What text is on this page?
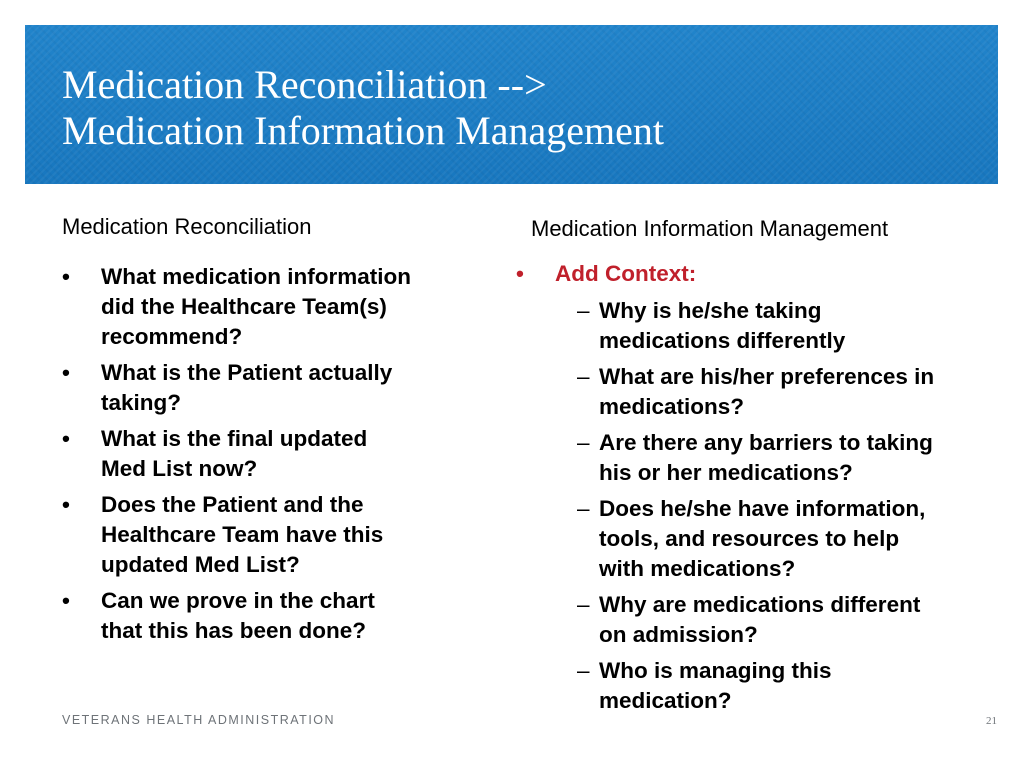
Medication Reconciliation -->
Medication Information Management
Medication Reconciliation	Medication Information Management
• What medication information
did the Healthcare Team(s)
recommend?
• What is the Patient actually
taking?
• What is the final updated
Med List now?
• Does the Patient and the
Healthcare Team have this
updated Med List?
• Can we prove in the chart
that this has been done?
• Add Context:
– Why is he/she taking
medications differently
– What are his/her preferences in
medications?
– Are there any barriers to taking
his or her medications?
– Does he/she have information,
tools, and resources to help
with medications?
– Why are medications different
on admission?
– Who is managing this
medication?

VETERANS HEALTH ADMINISTRATION	21
